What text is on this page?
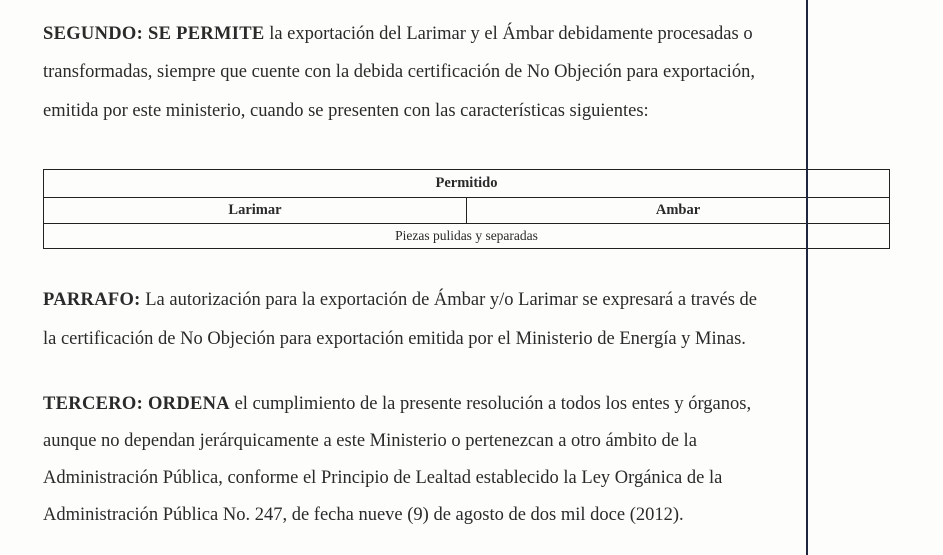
SEGUNDO: SE PERMITE la exportación del Larimar y el Ámbar debidamente procesadas o
transformadas, siempre que cuente con la debida certificación de No Objeción para exportación,
emitida por este ministerio, cuando se presenten con las características siguientes:
Permitido
Larimar	Ambar
Piezas pulidas y separadas
PARRAFO: La autorización para la exportación de Ámbar y/o Larimar se expresará a través de
la certificación de No Objeción para exportación emitida por el Ministerio de Energía y Minas.
TERCERO: ORDENA el cumplimiento de la presente resolución a todos los entes y órganos,
aunque no dependan jerárquicamente a este Ministerio o pertenezcan a otro ámbito de la
Administración Pública, conforme el Principio de Lealtad establecido la Ley Orgánica de la
Administración Pública No. 247, de fecha nueve (9) de agosto de dos mil doce (2012).
